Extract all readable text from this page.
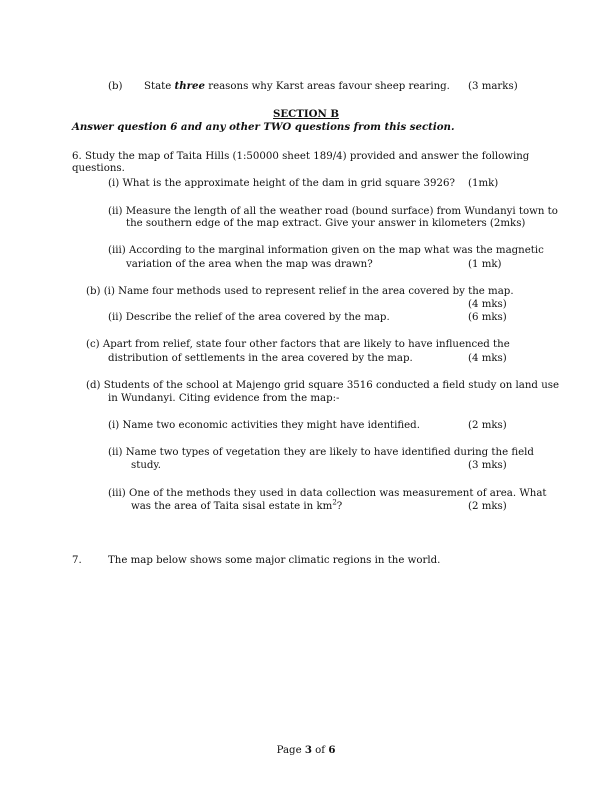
(b) State three reasons why Karst areas favour sheep rearing. (3 marks)
SECTION B
Answer question 6 and any other TWO questions from this section.
6. Study the map of Taita Hills (1:50000 sheet 189/4) provided and answer the following
questions.
(i) What is the approximate height of the dam in grid square 3926? (1mk)
(ii) Measure the length of all the weather road (bound surface) from Wundanyi town to
the southern edge of the map extract. Give your answer in kilometers (2mks)
(iii) According to the marginal information given on the map what was the magnetic
variation of the area when the map was drawn?	(1 mk)
(b) (i) Name four methods used to represent relief in the area covered by the map.
(4 mks)
(ii) Describe the relief of the area covered by the map.	(6 mks)
(c) Apart from relief, state four other factors that are likely to have influenced the
distribution of settlements in the area covered by the map.	(4 mks)
(d) Students of the school at Majengo grid square 3516 conducted a field study on land use
in Wundanyi. Citing evidence from the map:-
(i) Name two economic activities they might have identified.	(2 mks)
(ii) Name two types of vegetation they are likely to have identified during the field
study.	(3 mks)
(iii) One of the methods they used in data collection was measurement of area. What
was the area of Taita sisal estate in $km^2$?	(2 mks)
7.	The map below shows some major climatic regions in the world.
Page 3 of 6
